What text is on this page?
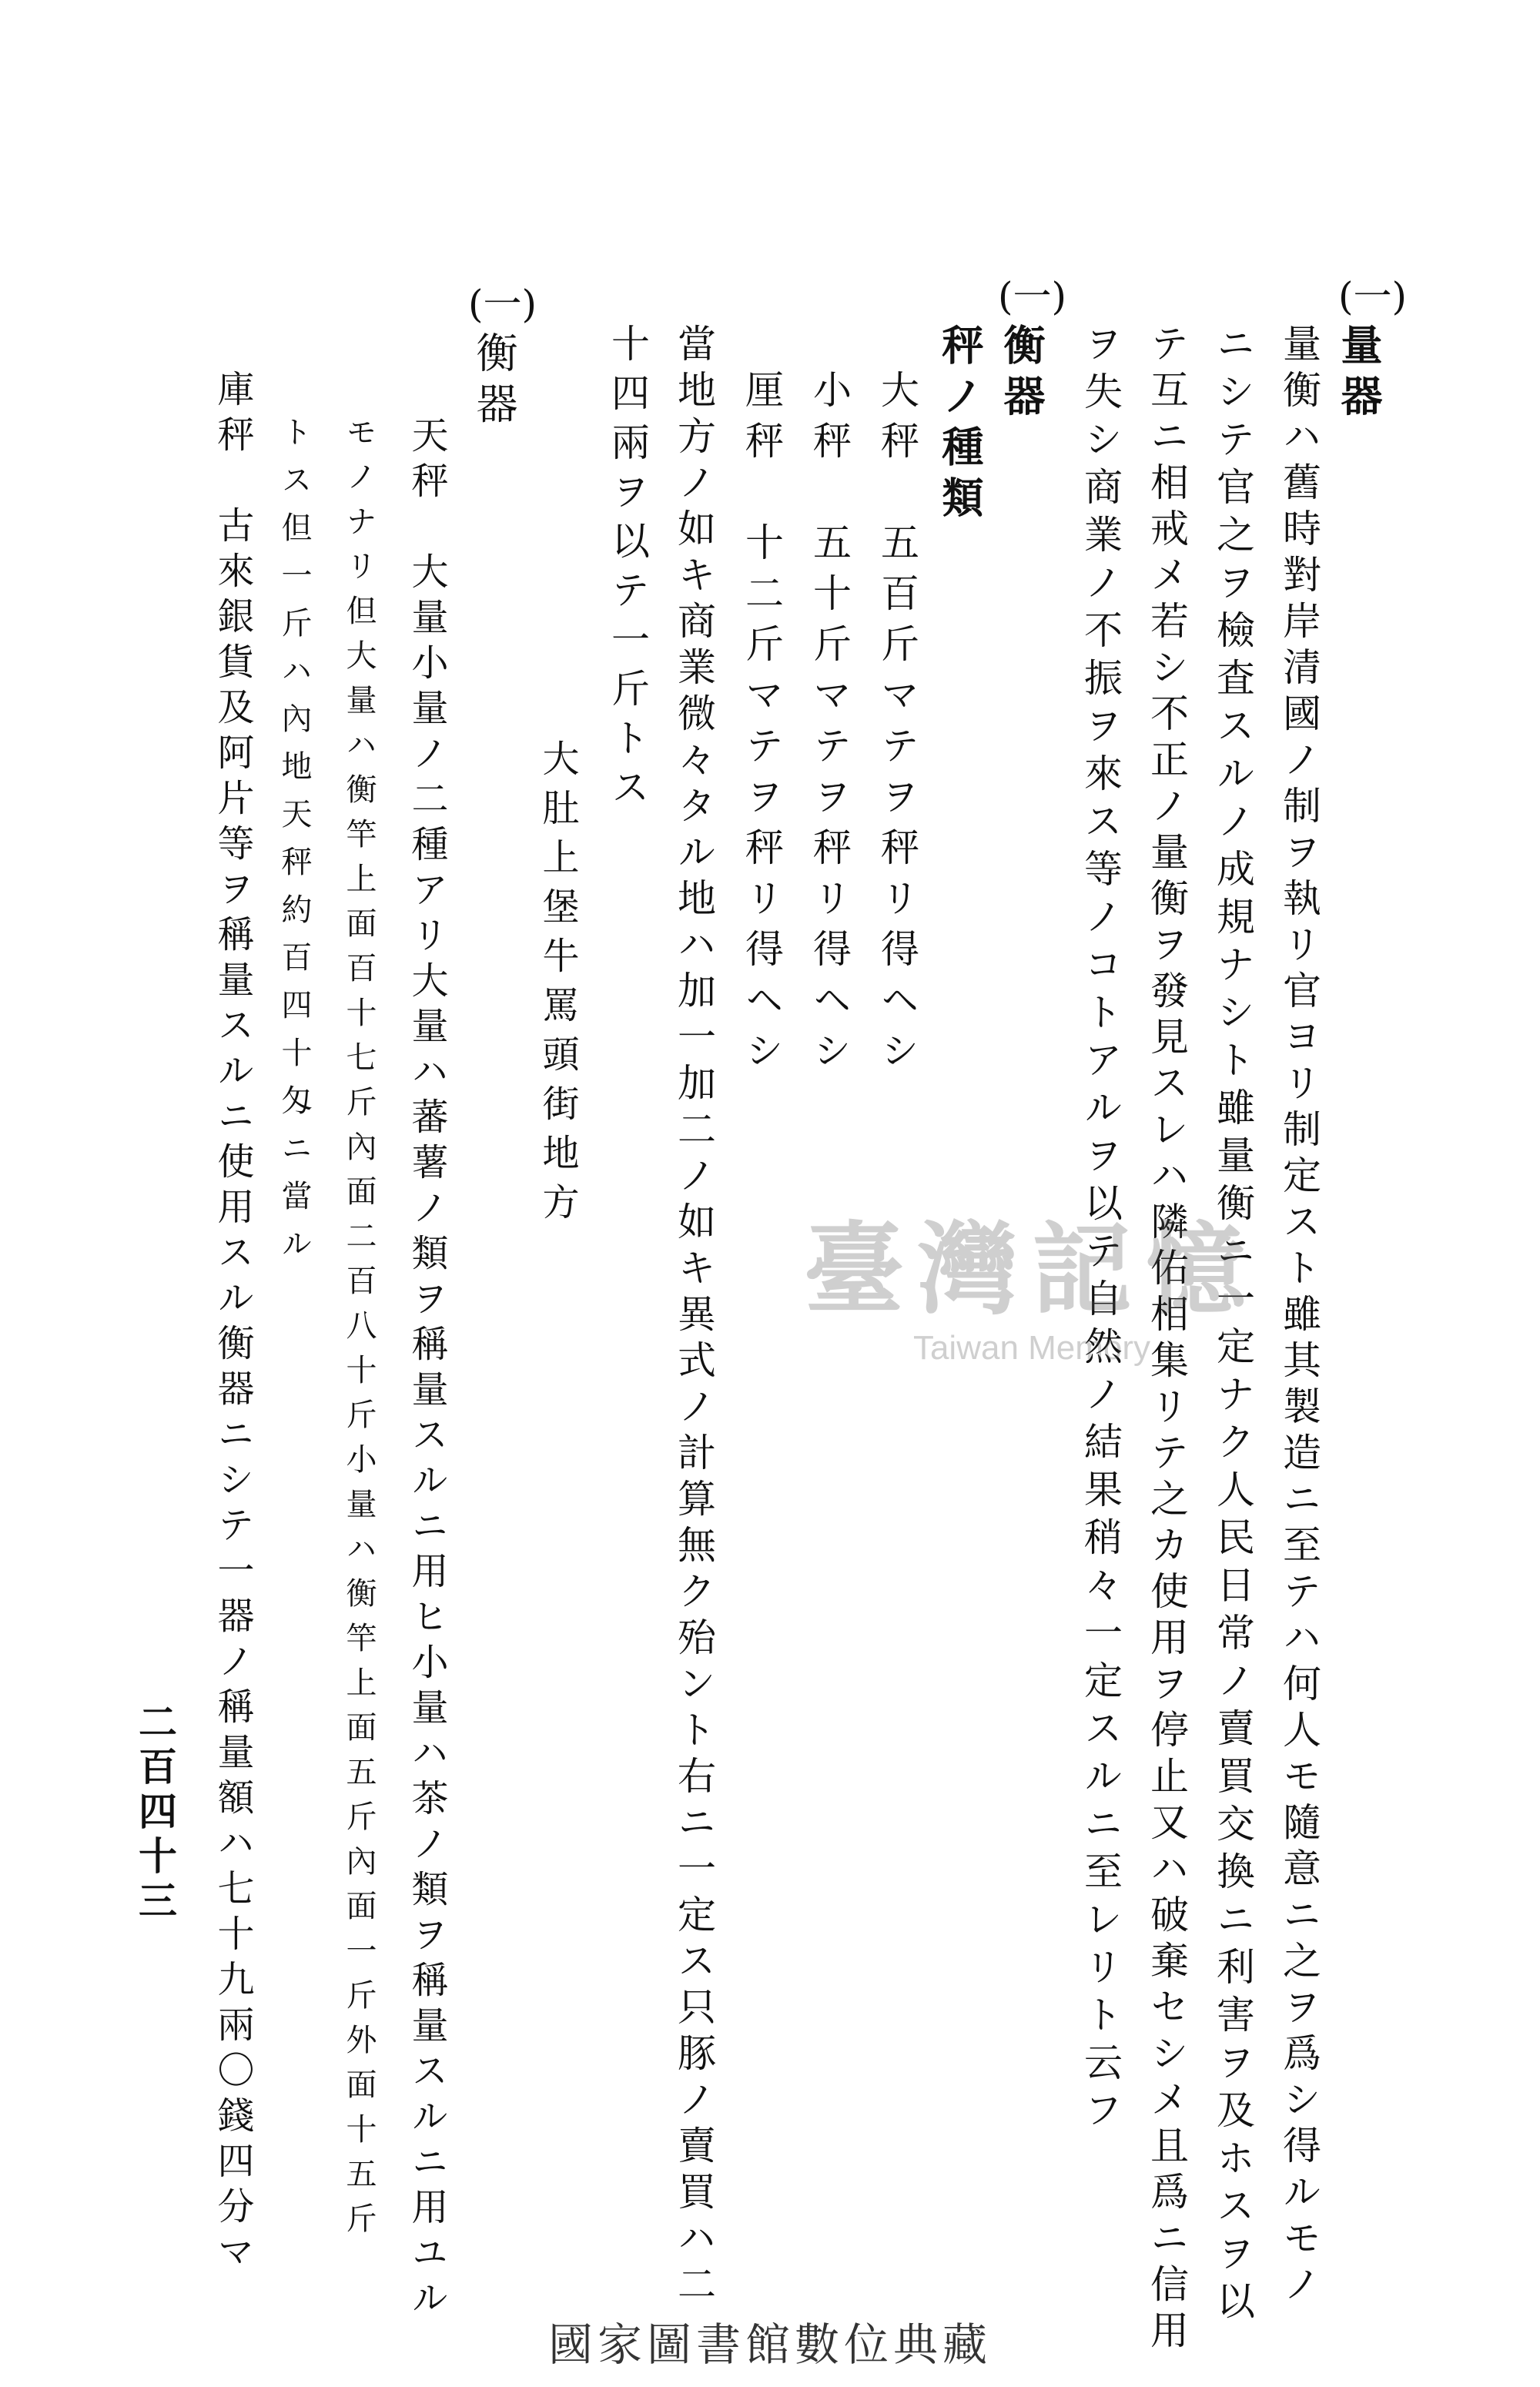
(一)
量器
量衡ハ舊時對岸清國ノ制ヲ執リ官ヨリ制定スト雖其製造ニ至テハ何人モ隨意ニ之ヲ爲シ得ルモノ
ニシテ官之ヲ檢査スルノ成規ナシト雖量衡ニ一定ナク人民日常ノ賣買交換ニ利害ヲ及ホスヲ以
テ互ニ相戒メ若シ不正ノ量衡ヲ發見スレハ隣佑相集リテ之カ使用ヲ停止又ハ破棄セシメ且爲ニ信用
ヲ失シ商業ノ不振ヲ來ス等ノコトアルヲ以テ自然ノ結果稍々一定スルニ至レリト云フ
(一)
衡器
秤ノ種類
大秤　五百斤マテヲ秤リ得ヘシ
小秤　五十斤マテヲ秤リ得ヘシ
厘秤　十二斤マテヲ秤リ得ヘシ
當地方ノ如キ商業微々タル地ハ加一加二ノ如キ異式ノ計算無ク殆ント右ニ一定ス只豚ノ賣買ハ二
十四兩ヲ以テ一斤トス
大肚上堡牛罵頭街地方
(一)
衡器
天秤　大量小量ノ二種アリ大量ハ蕃薯ノ類ヲ稱量スルニ用ヒ小量ハ茶ノ類ヲ稱量スルニ用ユル
モノナリ但大量ハ衡竿上面百十七斤內面二百八十斤小量ハ衡竿上面五斤內面一斤外面十五斤
トス但一斤ハ內地天秤約百四十匁ニ當ル
庫秤　古來銀貨及阿片等ヲ稱量スルニ使用スル衡器ニシテ一器ノ稱量額ハ七十九兩〇錢四分マ
二百四十三
臺灣記憶
Taiwan Memory
國家圖書館數位典藏
